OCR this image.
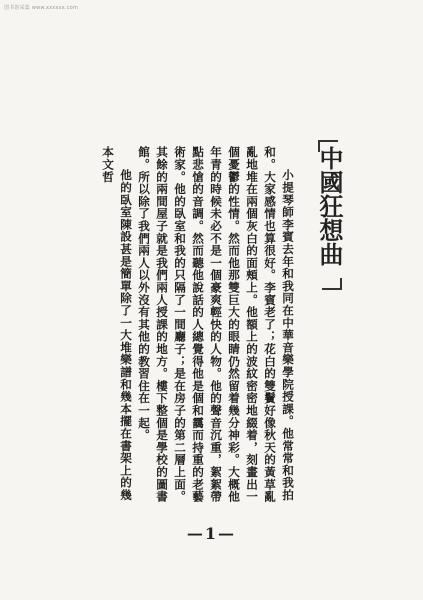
图书馆采集 www.xxxxxx.com
中國狂想曲

小提琴師李賓去年和我同在中華音樂學院授課。他常常和我拍和。大家感情也算很好。李賓老了；花白的雙鬢好像秋天的黃草亂亂地堆在兩個灰白的面頰上。他額上的波紋密密地綴着，刻畫出一個憂鬱的性情。然而他那雙巨大的眼睛仍然留着幾分神彩。大概他年青的時候未必不是一個豪爽輕快的人物。他的聲音沉重，絮絮帶點悲愴的音調。然而聽他說話的人總覺得他是個和靄而持重的老藝術家。他的臥室和我的只隔了一間廳子；是在房子的第二層上面。其餘的兩間屋子就是我們兩人授課的地方。樓下整個是學校的圖書館。所以除了我們兩人以外沒有其他的教習住在一起。

他的臥室陳設甚是簡單除了一大堆樂譜和幾本擺在書架上的幾本文哲

—1—
